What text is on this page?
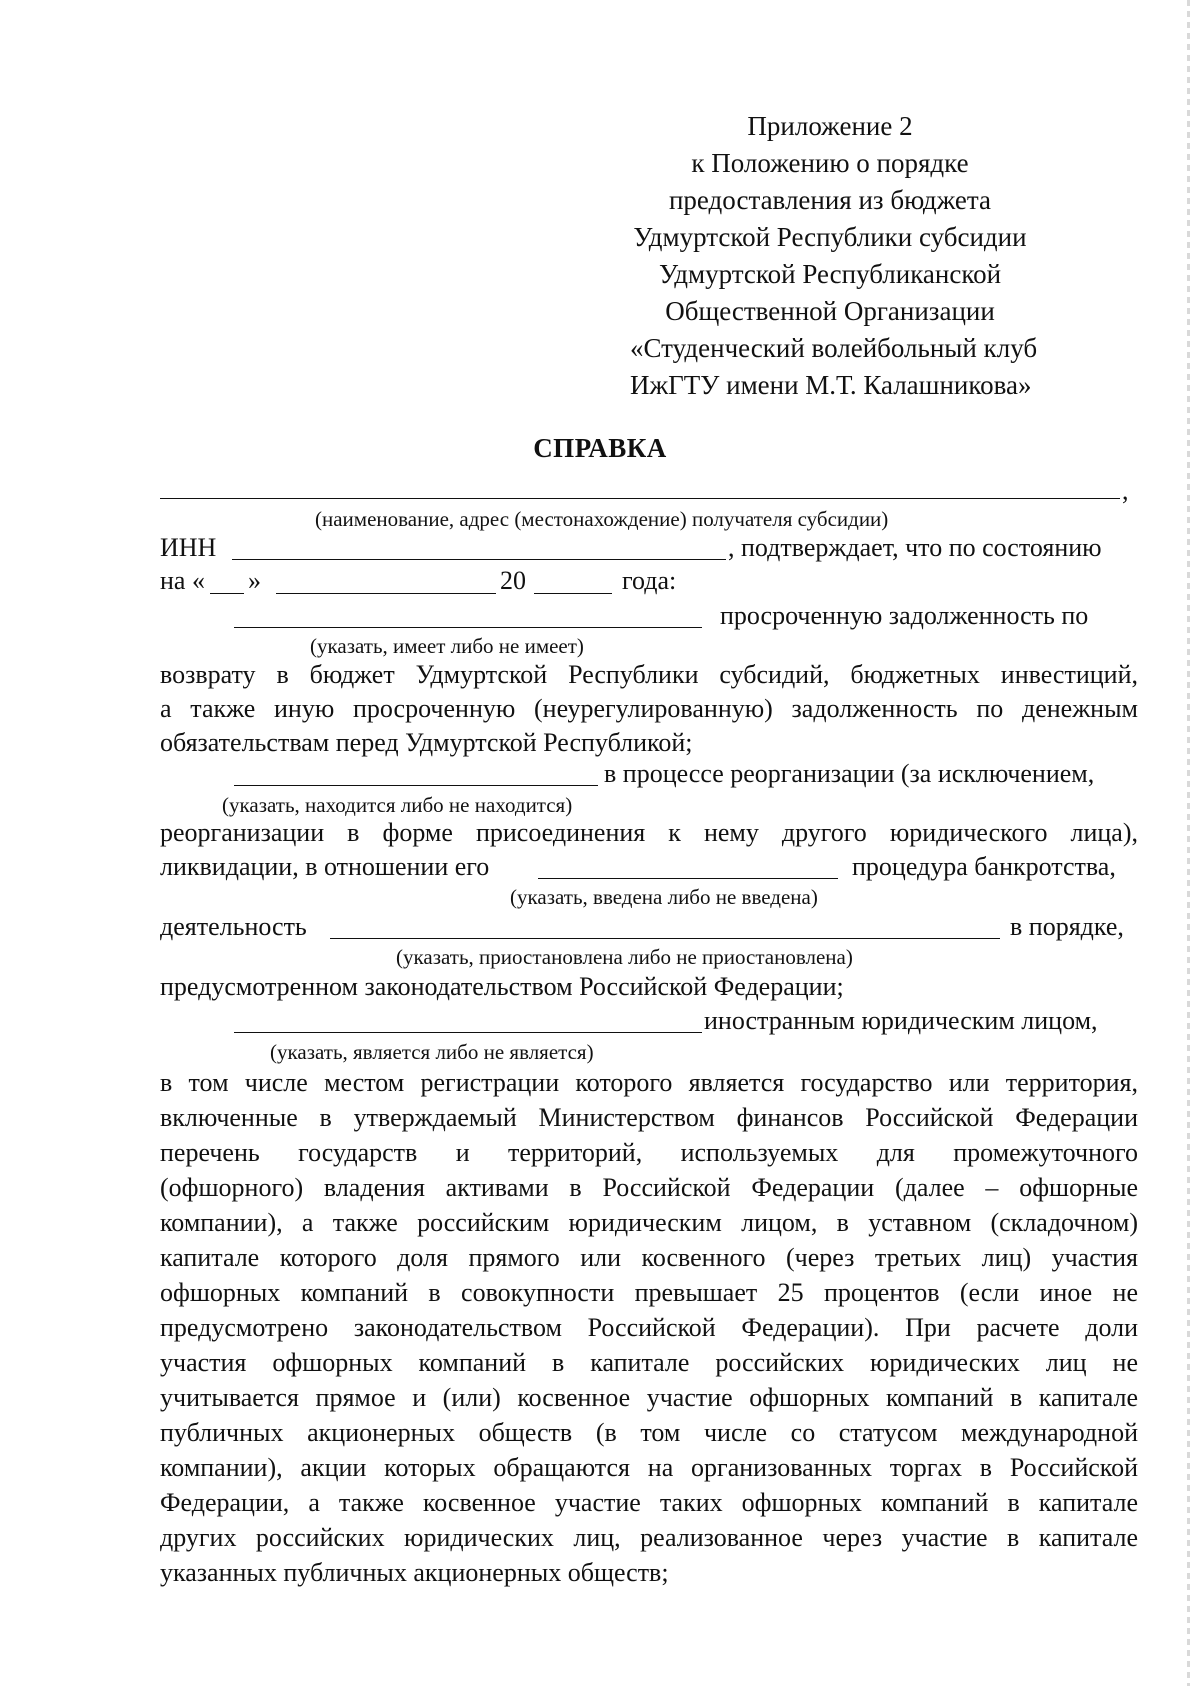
Приложение 2
к Положению о порядке
предоставления из бюджета
Удмуртской Республики субсидии
Удмуртской Республиканской
Общественной Организации
«Студенческий волейбольный клуб
ИжГТУ имени М.Т. Калашникова»
СПРАВКА
,
(наименование, адрес (местонахождение) получателя субсидии)
ИНН	, подтверждает, что по состоянию
на « »	20	года:
просроченную задолженность по
(указать, имеет либо не имеет)
возврату в бюджет Удмуртской Республики субсидий, бюджетных инвестиций,
а также иную просроченную (неурегулированную) задолженность по денежным
обязательствам перед Удмуртской Республикой;
в процессе реорганизации (за исключением,
(указать, находится либо не находится)
реорганизации в форме присоединения к нему другого юридического лица),
ликвидации, в отношении его	процедура банкротства,
(указать, введена либо не введена)
деятельность	в порядке,
(указать, приостановлена либо не приостановлена)
предусмотренном законодательством Российской Федерации;
иностранным юридическим лицом,
(указать, является либо не является)
в том числе местом регистрации которого является государство или территория,
включенные в утверждаемый Министерством финансов Российской Федерации
перечень государств и территорий, используемых для промежуточного
(офшорного) владения активами в Российской Федерации (далее – офшорные
компании), а также российским юридическим лицом, в уставном (складочном)
капитале которого доля прямого или косвенного (через третьих лиц) участия
офшорных компаний в совокупности превышает 25 процентов (если иное не
предусмотрено законодательством Российской Федерации). При расчете доли
участия офшорных компаний в капитале российских юридических лиц не
учитывается прямое и (или) косвенное участие офшорных компаний в капитале
публичных акционерных обществ (в том числе со статусом международной
компании), акции которых обращаются на организованных торгах в Российской
Федерации, а также косвенное участие таких офшорных компаний в капитале
других российских юридических лиц, реализованное через участие в капитале
указанных публичных акционерных обществ;
